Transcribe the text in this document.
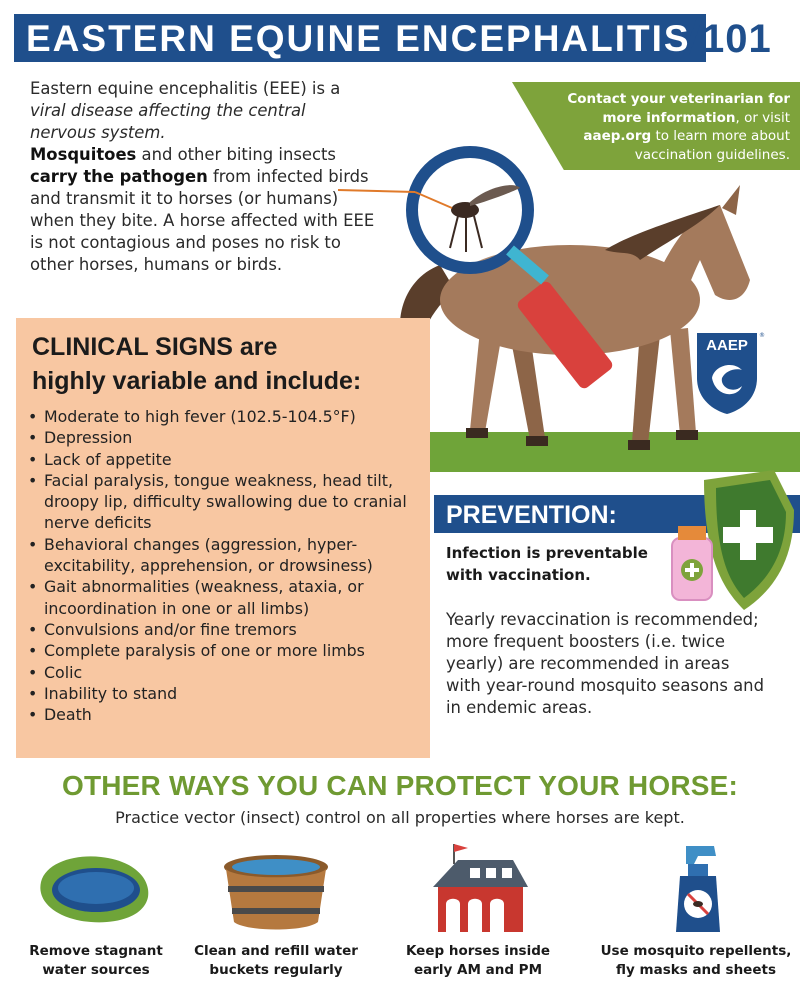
EASTERN EQUINE ENCEPHALITIS
/
101
Eastern equine encephalitis (EEE) is a viral disease affecting the central nervous system.
Mosquitoes and other biting insects carry the pathogen from infected birds and transmit it to horses (or humans) when they bite. A horse affected with EEE is not contagious and poses no risk to other horses, humans or birds.
Contact your veterinarian for more information, or visit aaep.org to learn more about vaccination guidelines.
AAEP
®
CLINICAL SIGNS are
highly variable and include:
• Moderate to high fever (102.5-104.5°F)
• Depression
• Lack of appetite
• Facial paralysis, tongue weakness, head tilt, droopy lip, difficulty swallowing due to cranial nerve deficits
• Behavioral changes (aggression, hyper-excitability, apprehension, or drowsiness)
• Gait abnormalities (weakness, ataxia, or incoordination in one or all limbs)
• Convulsions and/or fine tremors
• Complete paralysis of one or more limbs
• Colic
• Inability to stand
• Death
PREVENTION:
Infection is preventable with vaccination.
Yearly revaccination is recommended; more frequent boosters (i.e. twice yearly) are recommended in areas with year-round mosquito seasons and in endemic areas.
OTHER WAYS YOU CAN PROTECT YOUR HORSE:
Practice vector (insect) control on all properties where horses are kept.
Remove stagnant
water sources
Clean and refill water
buckets regularly
Keep horses inside
early AM and PM
Use mosquito repellents,
fly masks and sheets
